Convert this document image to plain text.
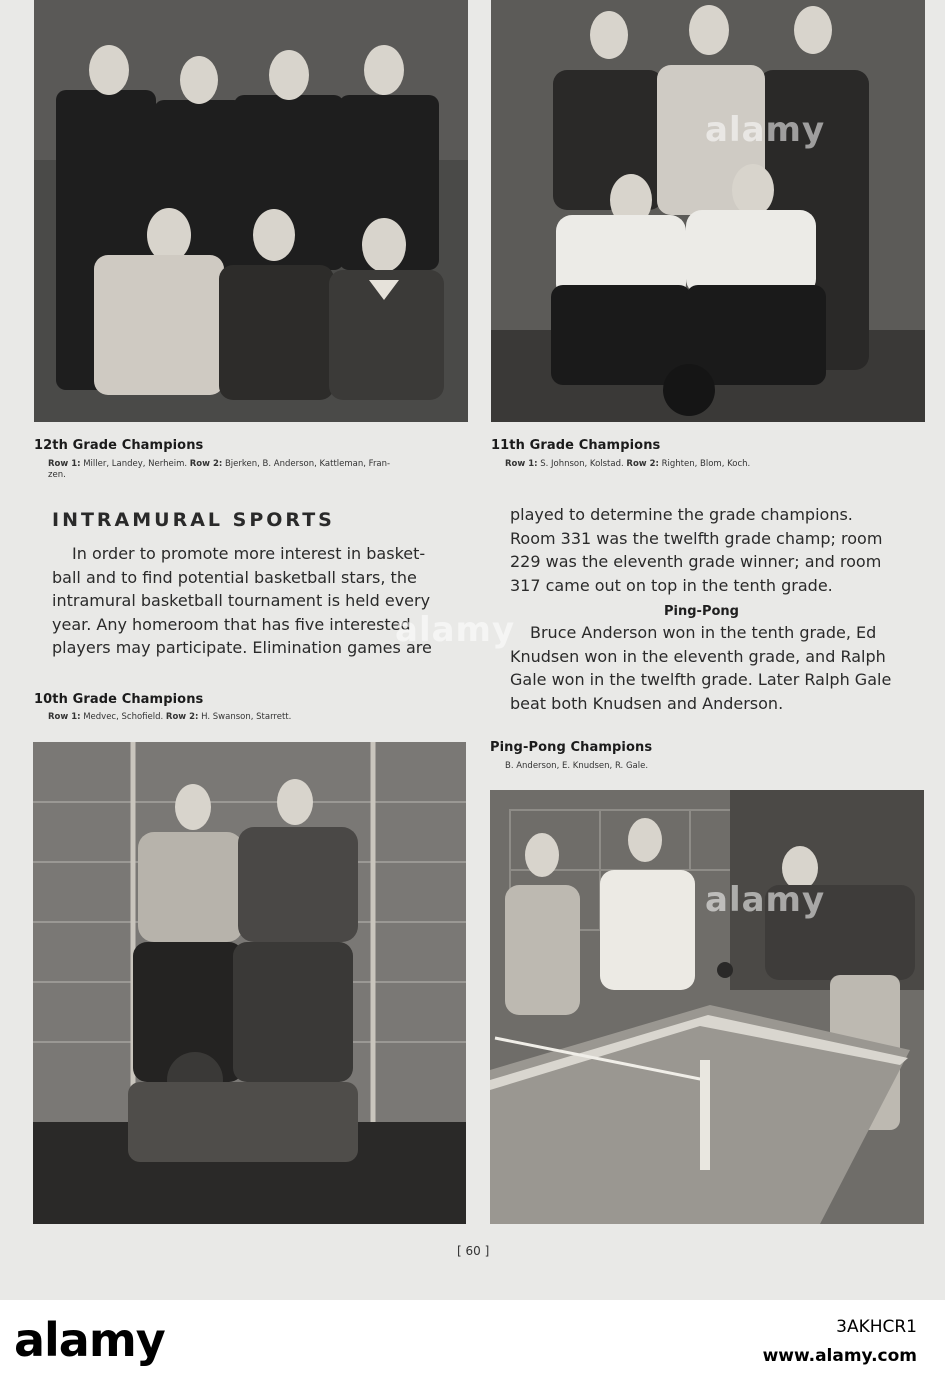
12th Grade Champions
Row 1: Miller, Landey, Nerheim. Row 2: Bjerken, B. Anderson, Kattleman, Fran-
zen.
11th Grade Champions
Row 1: S. Johnson, Kolstad. Row 2: Righten, Blom, Koch.
INTRAMURAL SPORTS
In order to promote more interest in basket-
ball and to find potential basketball stars, the
intramural basketball tournament is held every
year. Any homeroom that has five interested
players may participate. Elimination games are
played to determine the grade champions.
Room 331 was the twelfth grade champ; room
229 was the eleventh grade winner; and room
317 came out on top in the tenth grade.
Ping-Pong
Bruce Anderson won in the tenth grade, Ed
Knudsen won in the eleventh grade, and Ralph
Gale won in the twelfth grade. Later Ralph Gale
beat both Knudsen and Anderson.
10th Grade Champions
Row 1: Medvec, Schofield. Row 2: H. Swanson, Starrett.
Ping-Pong Champions
B. Anderson, E. Knudsen, R. Gale.
alamy
alamy
alamy
[ 60 ]
alamy	3AKHCR1
www.alamy.com
